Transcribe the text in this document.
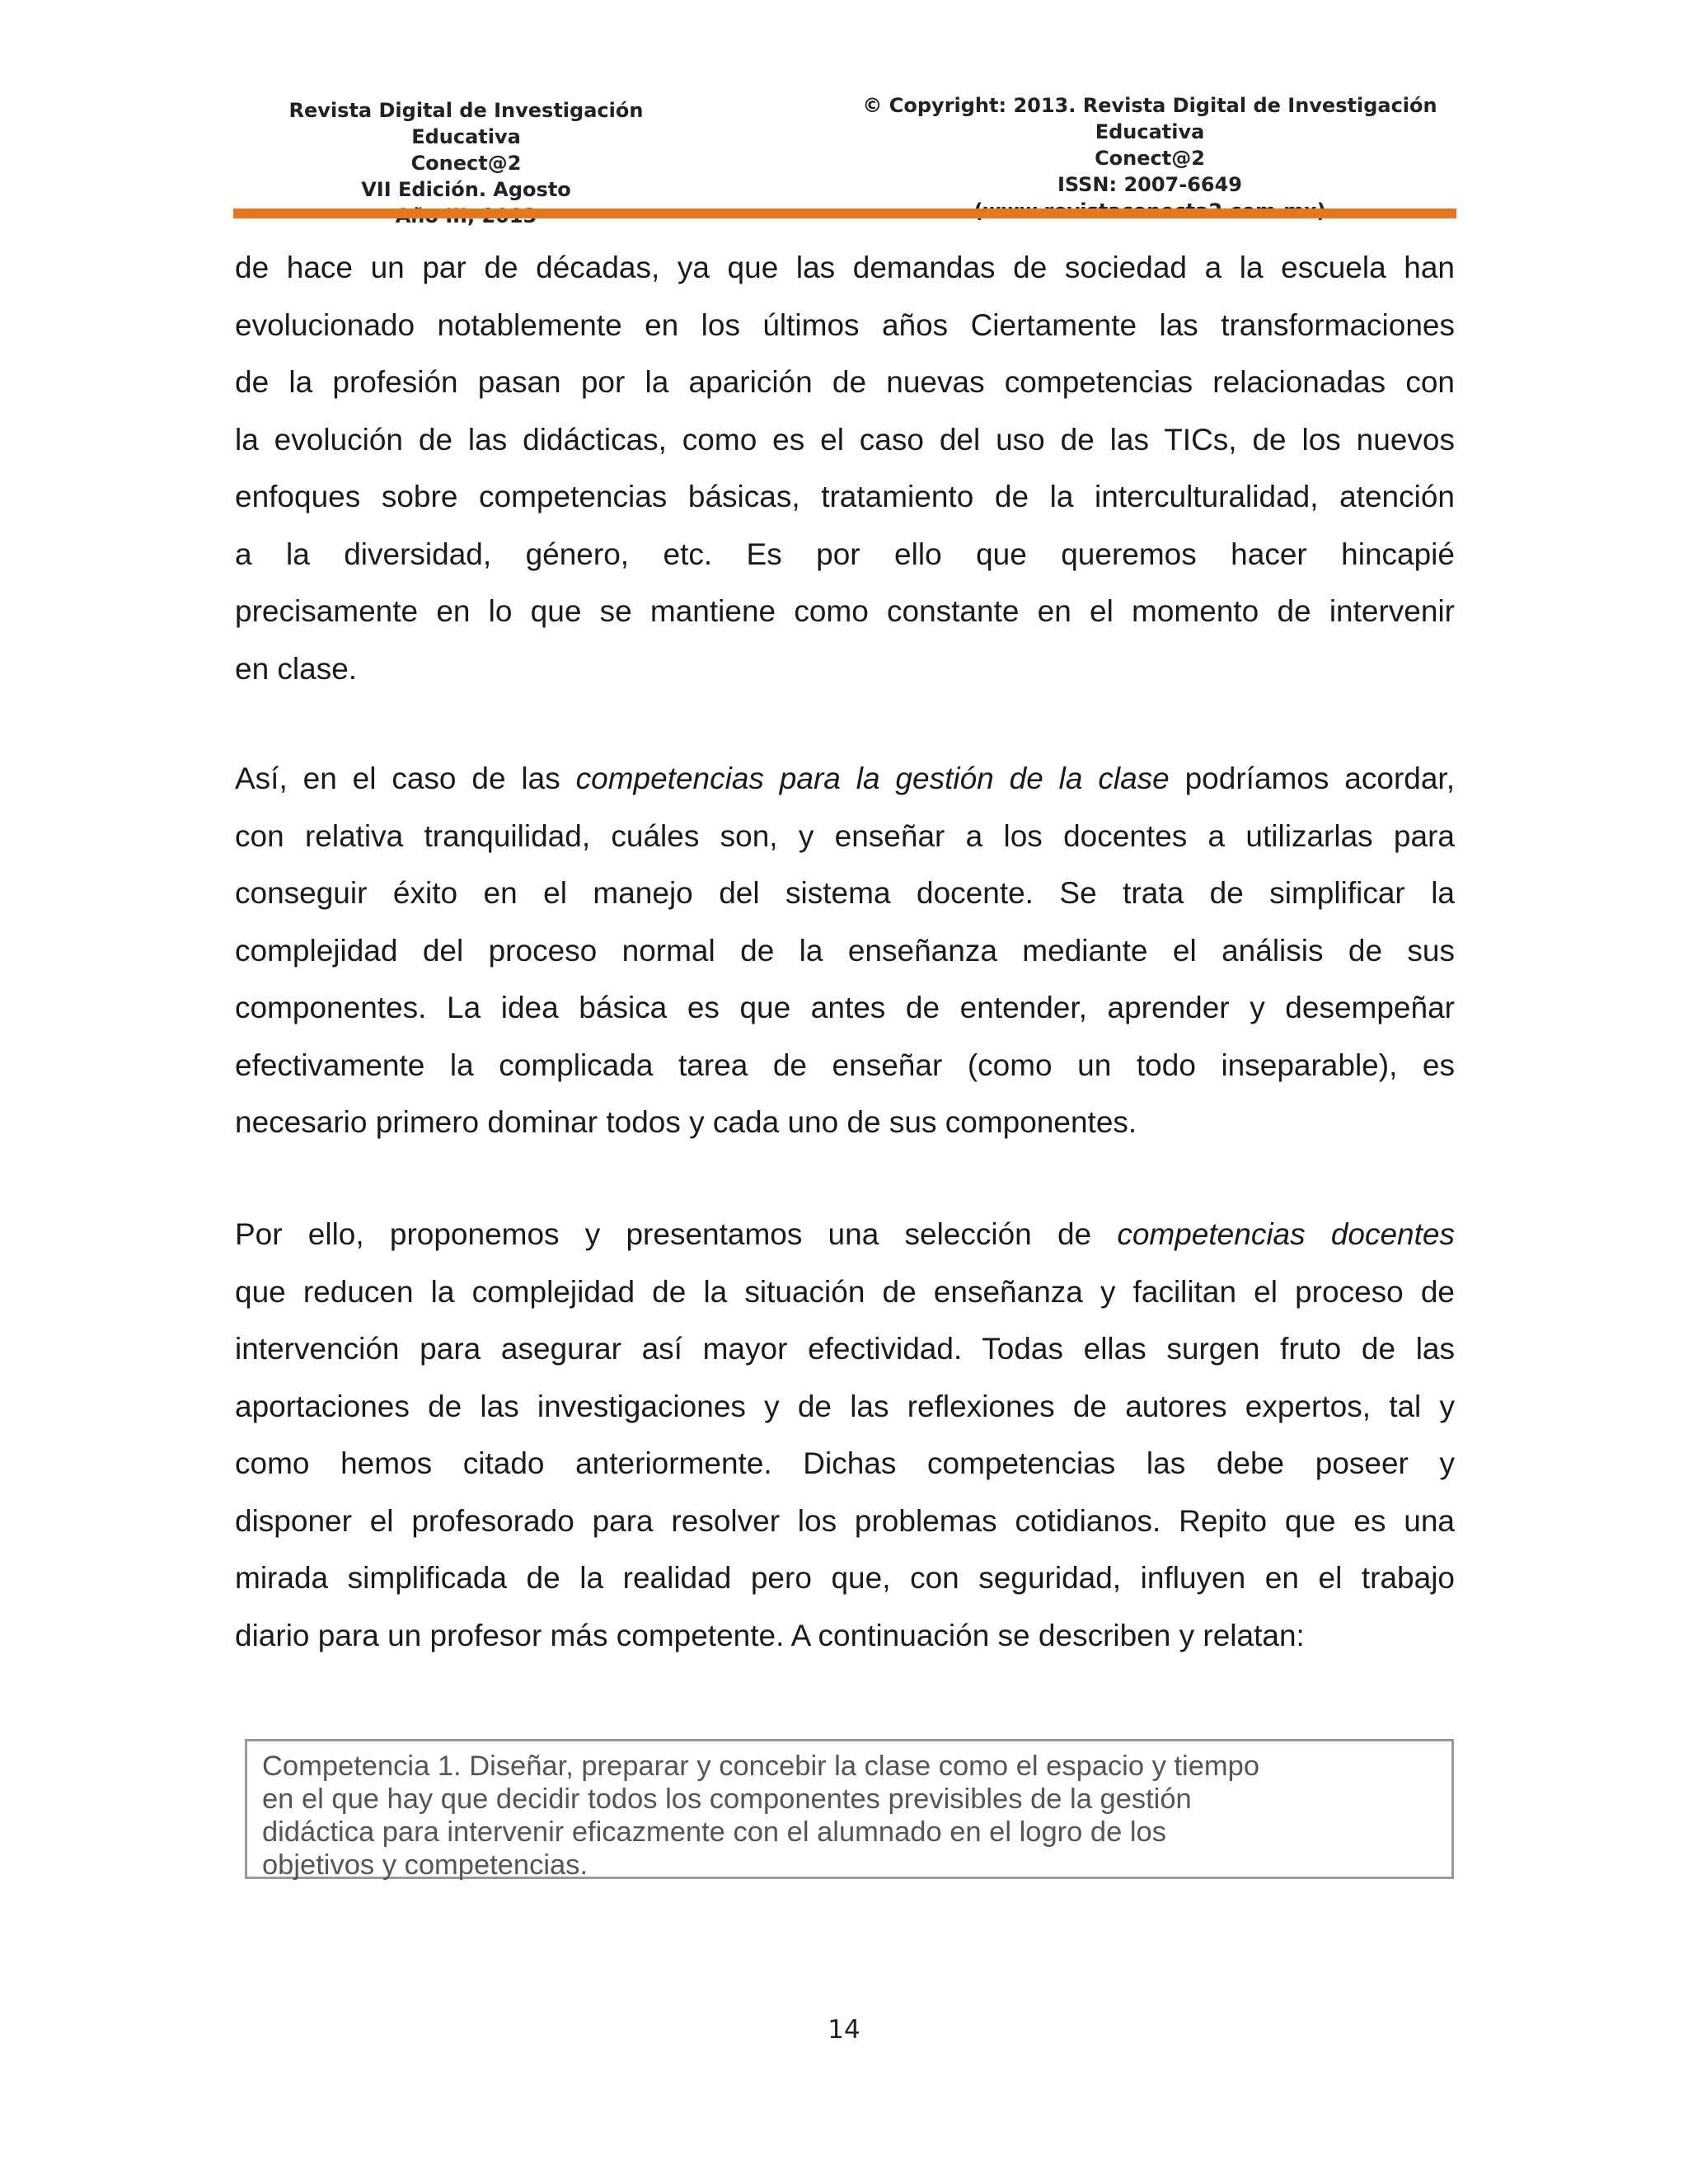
Revista Digital de Investigación Educativa
Conect@2
VII Edición. Agosto
© Copyright: 2013. Revista Digital de Investigación Educativa
Conect@2
ISSN: 2007-6649
de hace un par de décadas, ya que las demandas de sociedad a la escuela han
evolucionado notablemente en los últimos años Ciertamente las transformaciones
de la profesión pasan por la aparición de nuevas competencias relacionadas con
la evolución de las didácticas, como es el caso del uso de las TICs, de los nuevos
enfoques sobre competencias básicas, tratamiento de la interculturalidad, atención
a la diversidad, género, etc. Es por ello que queremos hacer hincapié
precisamente en lo que se mantiene como constante en el momento de intervenir
en clase.
Así, en el caso de las competencias para la gestión de la clase podríamos acordar,
con relativa tranquilidad, cuáles son, y enseñar a los docentes a utilizarlas para
conseguir éxito en el manejo del sistema docente. Se trata de simplificar la
complejidad del proceso normal de la enseñanza mediante el análisis de sus
componentes. La idea básica es que antes de entender, aprender y desempeñar
efectivamente la complicada tarea de enseñar (como un todo inseparable), es
necesario primero dominar todos y cada uno de sus componentes.
Por ello, proponemos y presentamos una selección de competencias docentes
que reducen la complejidad de la situación de enseñanza y facilitan el proceso de
intervención para asegurar así mayor efectividad. Todas ellas surgen fruto de las
aportaciones de las investigaciones y de las reflexiones de autores expertos, tal y
como hemos citado anteriormente. Dichas competencias las debe poseer y
disponer el profesorado para resolver los problemas cotidianos. Repito que es una
mirada simplificada de la realidad pero que, con seguridad, influyen en el trabajo
diario para un profesor más competente. A continuación se describen y relatan:
Competencia 1. Diseñar, preparar y concebir la clase como el espacio y tiempo
en el que hay que decidir todos los componentes previsibles de la gestión
didáctica para intervenir eficazmente con el alumnado en el logro de los
objetivos y competencias.
14
